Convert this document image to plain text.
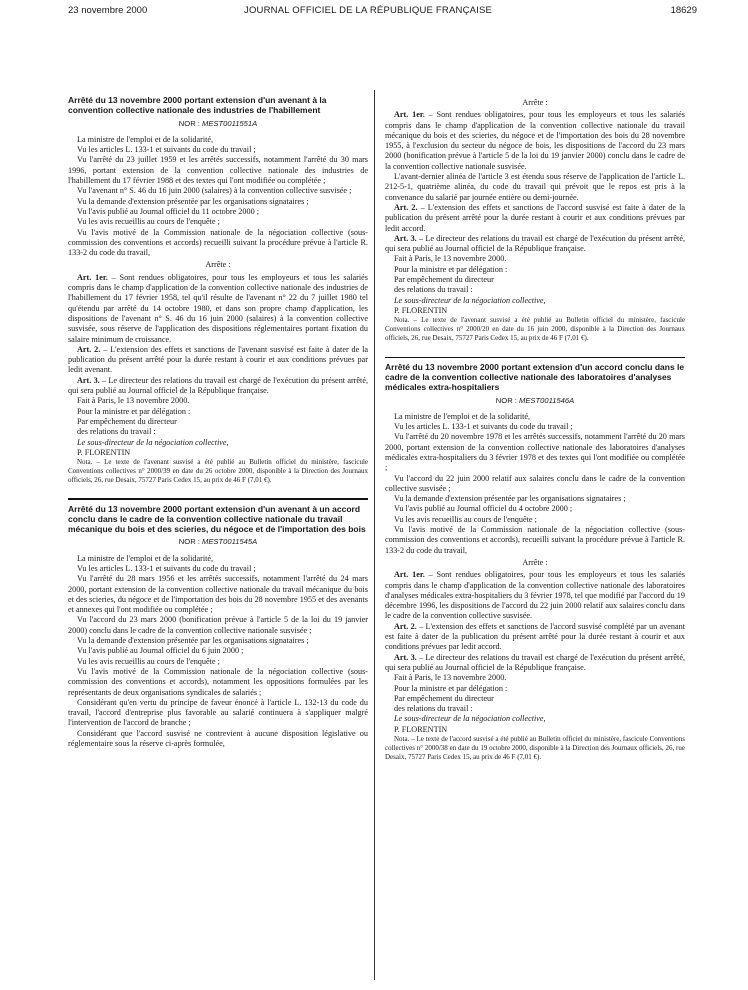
23 novembre 2000	JOURNAL OFFICIEL DE LA RÉPUBLIQUE FRANÇAISE	18629
Arrêté du 13 novembre 2000 portant extension d'un avenant à la convention collective nationale des industries de l'habillement
NOR : MEST0011551A

La ministre de l'emploi et de la solidarité,

Vu les articles L. 133-1 et suivants du code du travail ;

Vu l'arrêté du 23 juillet 1959 et les arrêtés successifs, notamment l'arrêté du 30 mars 1996, portant extension de la convention collective nationale des industries de l'habillement du 17 février 1988 et des textes qui l'ont modifiée ou complétée ;

Vu l'avenant n° S. 46 du 16 juin 2000 (salaires) à la convention collective susvisée ;

Vu la demande d'extension présentée par les organisations signataires ;

Vu l'avis publié au Journal officiel du 11 octobre 2000 ;

Vu les avis recueillis au cours de l'enquête ;

Vu l'avis motivé de la Commission nationale de la négociation collective (sous-commission des conventions et accords) recueilli suivant la procédure prévue à l'article R. 133-2 du code du travail,

Arrête :

Art. 1er. – Sont rendues obligatoires, pour tous les employeurs et tous les salariés compris dans le champ d'application de la convention collective nationale des industries de l'habillement du 17 février 1958, tel qu'il résulte de l'avenant n° 22 du 7 juillet 1980 tel qu'étendu par arrêté du 14 octobre 1980, et dans son propre champ d'application, les dispositions de l'avenant n° S. 46 du 16 juin 2000 (salaires) à la convention collective susvisée, sous réserve de l'application des dispositions réglementaires portant fixation du salaire minimum de croissance.

Art. 2. – L'extension des effets et sanctions de l'avenant susvisé est faite à dater de la publication du présent arrêté pour la durée restant à courir et aux conditions prévues par ledit avenant.

Art. 3. – Le directeur des relations du travail est chargé de l'exécution du présent arrêté, qui sera publié au Journal officiel de la République française.

Fait à Paris, le 13 novembre 2000.

Pour la ministre et par délégation :

Par empêchement du directeur

des relations du travail :

Le sous-directeur de la négociation collective,

P. FLORENTIN

Nota. – Le texte de l'avenant susvisé a été publié au Bulletin officiel du ministère, fascicule Conventions collectives n° 2000/39 en date du 26 octobre 2000, disponible à la Direction des Journaux officiels, 26, rue Desaix, 75727 Paris Cedex 15, au prix de 46 F (7,01 €).

Arrêté du 13 novembre 2000 portant extension d'un avenant à un accord conclu dans le cadre de la convention collective nationale du travail mécanique du bois et des scieries, du négoce et de l'importation des bois
NOR : MEST0011545A

La ministre de l'emploi et de la solidarité,

Vu les articles L. 133-1 et suivants du code du travail ;

Vu l'arrêté du 28 mars 1956 et les arrêtés successifs, notamment l'arrêté du 24 mars 2000, portant extension de la convention collective nationale du travail mécanique du bois et des scieries, du négoce et de l'importation des bois du 28 novembre 1955 et des avenants et annexes qui l'ont modifiée ou complétée ;

Vu l'accord du 23 mars 2000 (bonification prévue à l'article 5 de la loi du 19 janvier 2000) conclu dans le cadre de la convention collective nationale susvisée ;

Vu la demande d'extension présentée par les organisations signataires ;

Vu l'avis publié au Journal officiel du 6 juin 2000 ;

Vu les avis recueillis au cours de l'enquête ;

Vu l'avis motivé de la Commission nationale de la négociation collective (sous-commission des conventions et accords), notamment les oppositions formulées par les représentants de deux organisations syndicales de salariés ;

Considérant qu'en vertu du principe de faveur énoncé à l'article L. 132-13 du code du travail, l'accord d'entreprise plus favorable au salarié continuera à s'appliquer malgré l'intervention de l'accord de branche ;

Considérant que l'accord susvisé ne contrevient à aucune disposition législative ou réglementaire sous la réserve ci-après formulée,

Arrête :

Art. 1er. – Sont rendues obligatoires, pour tous les employeurs et tous les salariés compris dans le champ d'application de la convention collective nationale du travail mécanique du bois et des scieries, du négoce et de l'importation des bois du 28 novembre 1955, à l'exclusion du secteur du négoce de bois, les dispositions de l'accord du 23 mars 2000 (bonification prévue à l'article 5 de la loi du 19 janvier 2000) conclu dans le cadre de la convention collective nationale susvisée.

L'avant-dernier alinéa de l'article 3 est étendu sous réserve de l'application de l'article L. 212-5-1, quatrième alinéa, du code du travail qui prévoit que le repos est pris à la convenance du salarié par journée entière ou demi-journée.

Art. 2. – L'extension des effets et sanctions de l'accord susvisé est faite à dater de la publication du présent arrêté pour la durée restant à courir et aux conditions prévues par ledit accord.

Art. 3. – Le directeur des relations du travail est chargé de l'exécution du présent arrêté, qui sera publié au Journal officiel de la République française.

Fait à Paris, le 13 novembre 2000.

Pour la ministre et par délégation :

Par empêchement du directeur

des relations du travail :

Le sous-directeur de la négociation collective,

P. FLORENTIN

Nota. – Le texte de l'avenant susvisé a été publié au Bulletin officiel du ministère, fascicule Conventions collectives n° 2000/20 en date du 16 juin 2000, disponible à la Direction des Journaux officiels, 26, rue Desaix, 75727 Paris Cedex 15, au prix de 46 F (7,01 €).

Arrêté du 13 novembre 2000 portant extension d'un accord conclu dans le cadre de la convention collective nationale des laboratoires d'analyses médicales extra-hospitaliers
NOR : MEST0011546A

La ministre de l'emploi et de la solidarité,

Vu les articles L. 133-1 et suivants du code du travail ;

Vu l'arrêté du 20 novembre 1978 et les arrêtés successifs, notamment l'arrêté du 20 mars 2000, portant extension de la convention collective nationale des laboratoires d'analyses médicales extra-hospitaliers du 3 février 1978 et des textes qui l'ont modifiée ou complétée ;

Vu l'accord du 22 juin 2000 relatif aux salaires conclu dans le cadre de la convention collective susvisée ;

Vu la demande d'extension présentée par les organisations signataires ;

Vu l'avis publié au Journal officiel du 4 octobre 2000 ;

Vu les avis recueillis au cours de l'enquête ;

Vu l'avis motivé de la Commission nationale de la négociation collective (sous-commission des conventions et accords), recueilli suivant la procédure prévue à l'article R. 133-2 du code du travail,

Arrête :

Art. 1er. – Sont rendues obligatoires, pour tous les employeurs et tous les salariés compris dans le champ d'application de la convention collective nationale des laboratoires d'analyses médicales extra-hospitaliers du 3 février 1978, tel que modifié par l'accord du 19 décembre 1996, les dispositions de l'accord du 22 juin 2000 relatif aux salaires conclu dans le cadre de la convention collective susvisée.

Art. 2. – L'extension des effets et sanctions de l'accord susvisé complété par un avenant est faite à dater de la publication du présent arrêté pour la durée restant à courir et aux conditions prévues par ledit accord.

Art. 3. – Le directeur des relations du travail est chargé de l'exécution du présent arrêté, qui sera publié au Journal officiel de la République française.

Fait à Paris, le 13 novembre 2000.

Pour la ministre et par délégation :

Par empêchement du directeur

des relations du travail :

Le sous-directeur de la négociation collective,

P. FLORENTIN

Nota. – Le texte de l'accord susvisé a été publié au Bulletin officiel du ministère, fascicule Conventions collectives n° 2000/38 en date du 19 octobre 2000, disponible à la Direction des Journaux officiels, 26, rue Desaix, 75727 Paris Cedex 15, au prix de 46 F (7,01 €).
